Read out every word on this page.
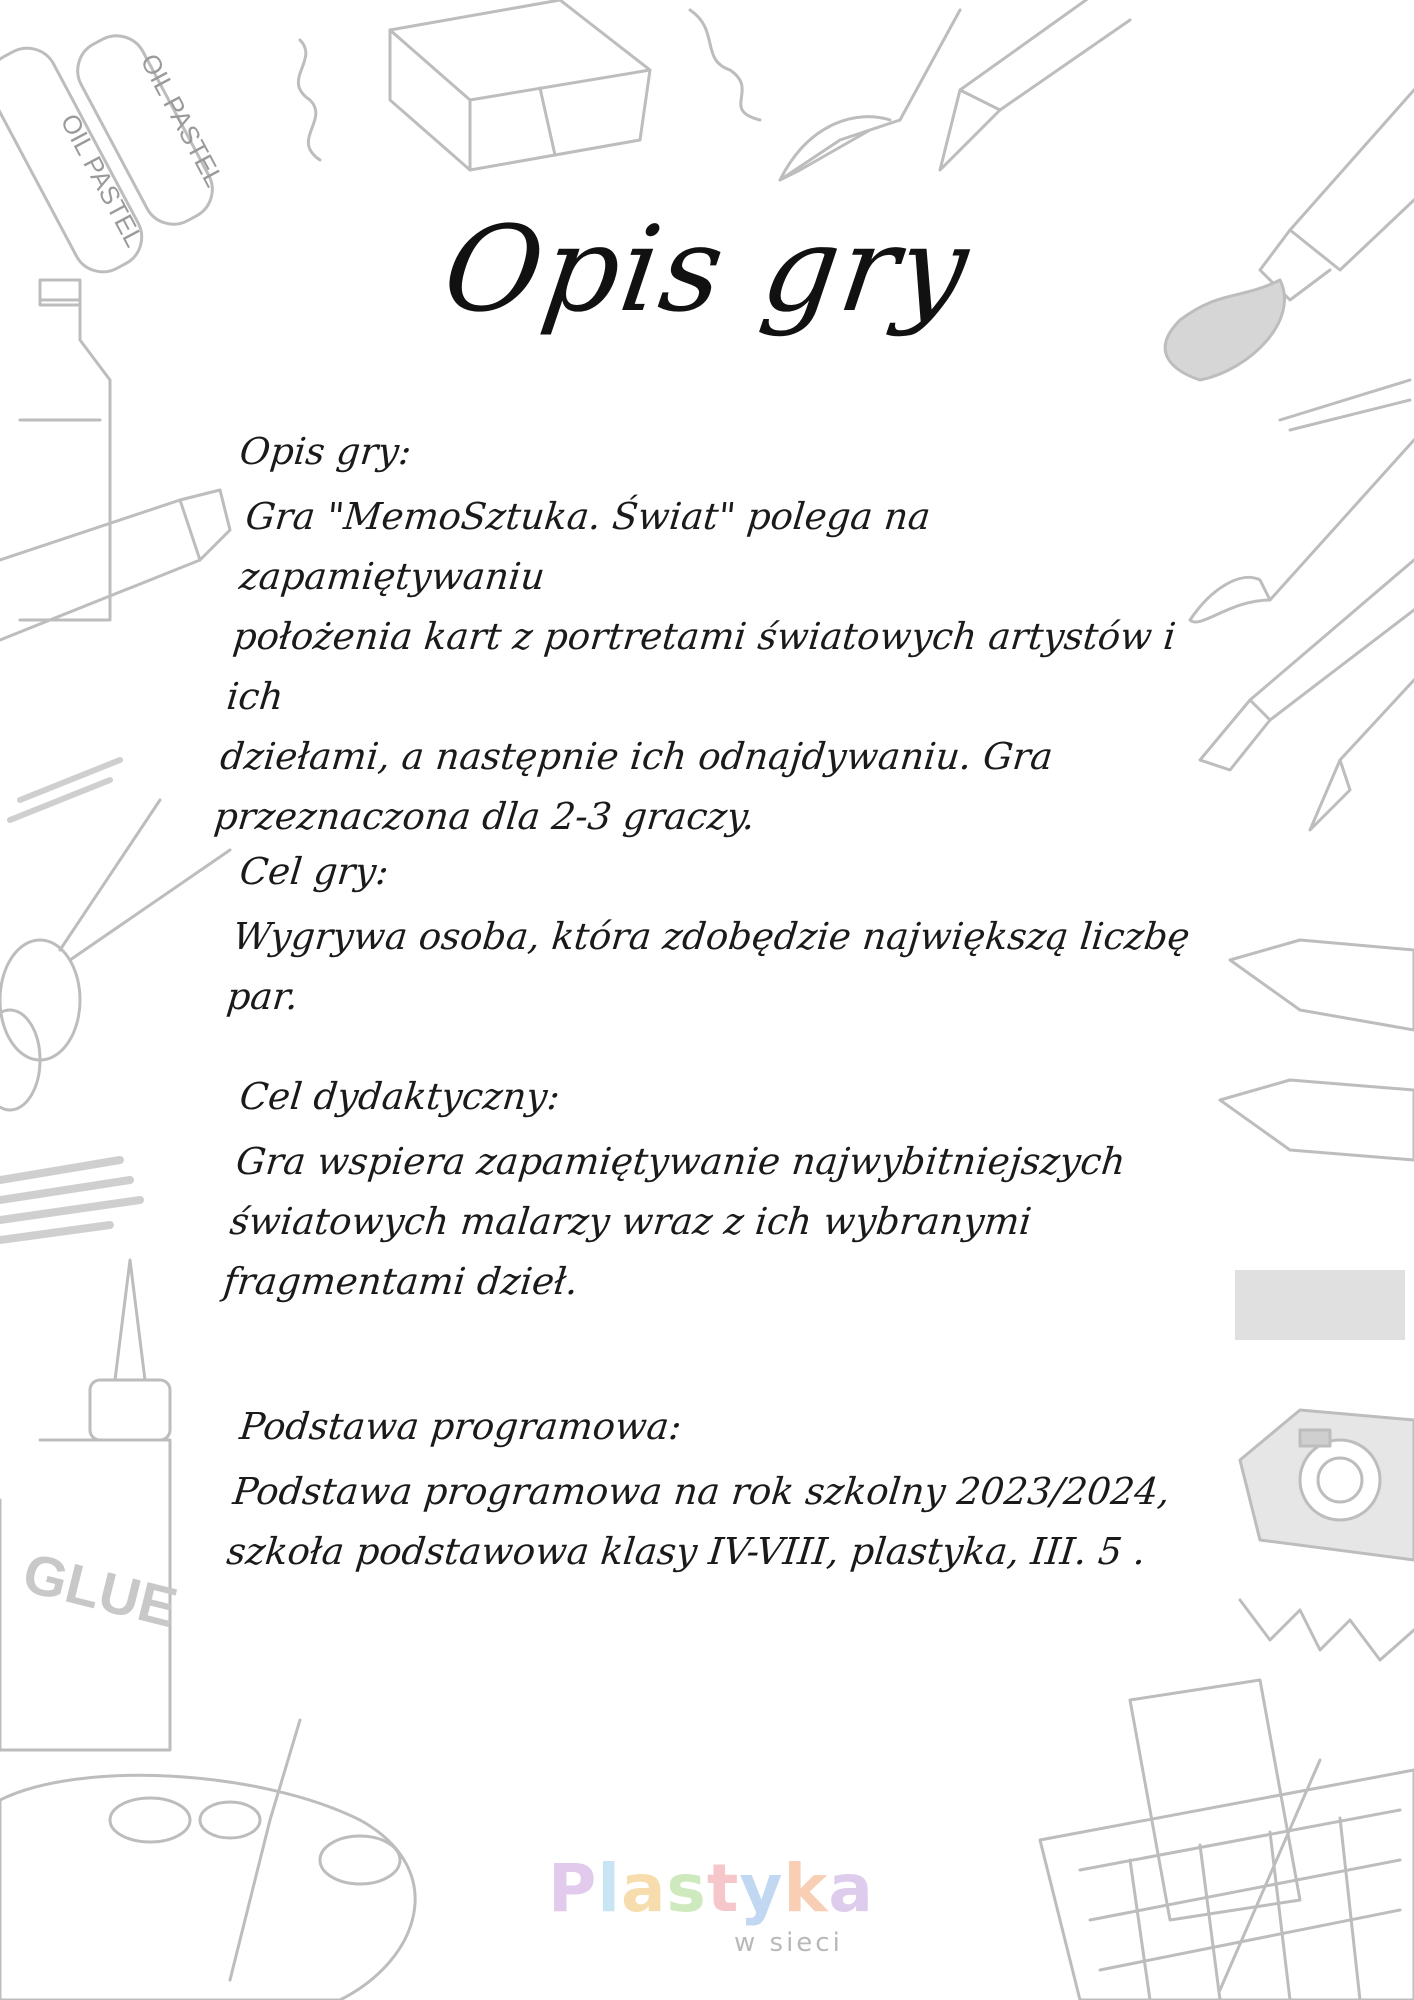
OIL PASTEL
OIL PASTEL
GLUE
Opis gry
Opis gry:
Gra "MemoSztuka. Świat" polega na zapamiętywaniu
położenia kart z portretami światowych artystów i ich
dziełami, a następnie ich odnajdywaniu. Gra
przeznaczona dla 2-3 graczy.
Cel gry:
Wygrywa osoba, która zdobędzie największą liczbę par.
Cel dydaktyczny:
Gra wspiera zapamiętywanie najwybitniejszych
światowych malarzy wraz z ich wybranymi
fragmentami dzieł.
Podstawa programowa:
Podstawa programowa na rok szkolny 2023/2024,
szkoła podstawowa klasy IV-VIII, plastyka, III. 5 .
Plastyka
w sieci
